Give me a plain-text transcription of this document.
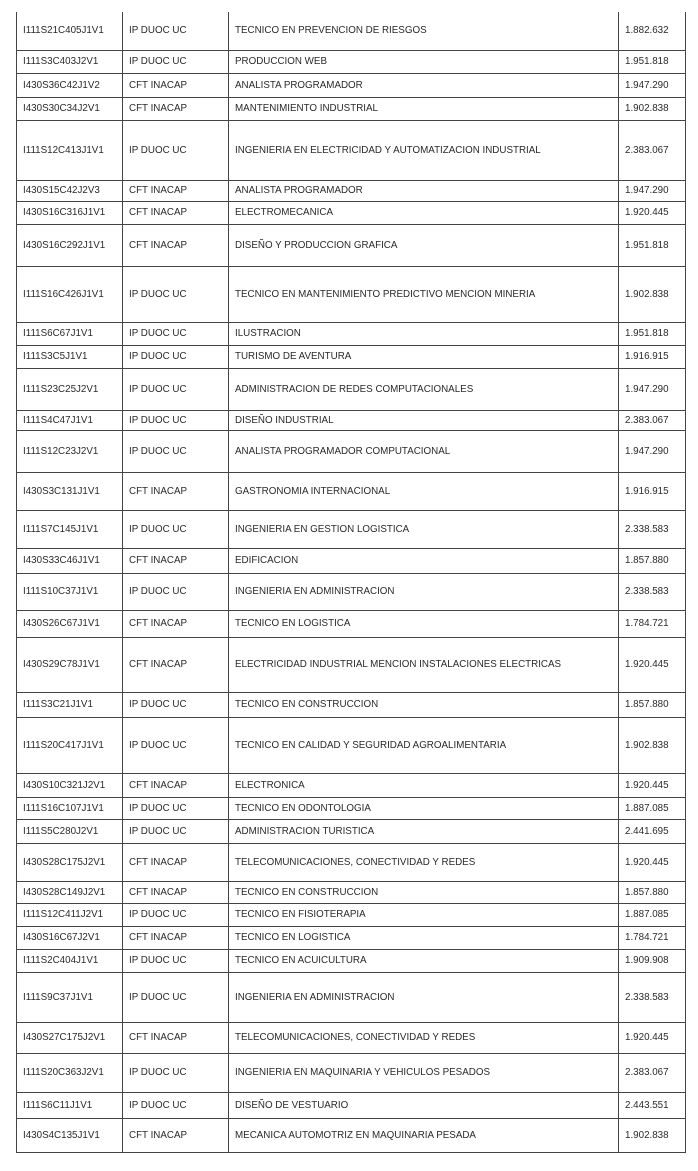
I111S21C405J1V1	IP DUOC UC	TECNICO EN PREVENCION DE RIESGOS	1.882.632
I111S3C403J2V1	IP DUOC UC	PRODUCCION WEB	1.951.818
I430S36C42J1V2	CFT INACAP	ANALISTA PROGRAMADOR	1.947.290
I430S30C34J2V1	CFT INACAP	MANTENIMIENTO INDUSTRIAL	1.902.838
I111S12C413J1V1	IP DUOC UC	INGENIERIA EN ELECTRICIDAD Y AUTOMATIZACION INDUSTRIAL	2.383.067
I430S15C42J2V3	CFT INACAP	ANALISTA PROGRAMADOR	1.947.290
I430S16C316J1V1	CFT INACAP	ELECTROMECANICA	1.920.445
I430S16C292J1V1	CFT INACAP	DISEÑO Y PRODUCCION GRAFICA	1.951.818
I111S16C426J1V1	IP DUOC UC	TECNICO EN MANTENIMIENTO PREDICTIVO MENCION MINERIA	1.902.838
I111S6C67J1V1	IP DUOC UC	ILUSTRACION	1.951.818
I111S3C5J1V1	IP DUOC UC	TURISMO DE AVENTURA	1.916.915
I111S23C25J2V1	IP DUOC UC	ADMINISTRACION DE REDES COMPUTACIONALES	1.947.290
I111S4C47J1V1	IP DUOC UC	DISEÑO INDUSTRIAL	2.383.067
I111S12C23J2V1	IP DUOC UC	ANALISTA PROGRAMADOR COMPUTACIONAL	1.947.290
I430S3C131J1V1	CFT INACAP	GASTRONOMIA INTERNACIONAL	1.916.915
I111S7C145J1V1	IP DUOC UC	INGENIERIA EN GESTION LOGISTICA	2.338.583
I430S33C46J1V1	CFT INACAP	EDIFICACION	1.857.880
I111S10C37J1V1	IP DUOC UC	INGENIERIA EN ADMINISTRACION	2.338.583
I430S26C67J1V1	CFT INACAP	TECNICO EN LOGISTICA	1.784.721
I430S29C78J1V1	CFT INACAP	ELECTRICIDAD INDUSTRIAL MENCION INSTALACIONES ELECTRICAS	1.920.445
I111S3C21J1V1	IP DUOC UC	TECNICO EN CONSTRUCCION	1.857.880
I111S20C417J1V1	IP DUOC UC	TECNICO EN CALIDAD Y SEGURIDAD AGROALIMENTARIA	1.902.838
I430S10C321J2V1	CFT INACAP	ELECTRONICA	1.920.445
I111S16C107J1V1	IP DUOC UC	TECNICO EN ODONTOLOGIA	1.887.085
I111S5C280J2V1	IP DUOC UC	ADMINISTRACION TURISTICA	2.441.695
I430S28C175J2V1	CFT INACAP	TELECOMUNICACIONES, CONECTIVIDAD Y REDES	1.920.445
I430S28C149J2V1	CFT INACAP	TECNICO EN CONSTRUCCION	1.857.880
I111S12C411J2V1	IP DUOC UC	TECNICO EN FISIOTERAPIA	1.887.085
I430S16C67J2V1	CFT INACAP	TECNICO EN LOGISTICA	1.784.721
I111S2C404J1V1	IP DUOC UC	TECNICO EN ACUICULTURA	1.909.908
I111S9C37J1V1	IP DUOC UC	INGENIERIA EN ADMINISTRACION	2.338.583
I430S27C175J2V1	CFT INACAP	TELECOMUNICACIONES, CONECTIVIDAD Y REDES	1.920.445
I111S20C363J2V1	IP DUOC UC	INGENIERIA EN MAQUINARIA Y VEHICULOS PESADOS	2.383.067
I111S6C11J1V1	IP DUOC UC	DISEÑO DE VESTUARIO	2.443.551
I430S4C135J1V1	CFT INACAP	MECANICA AUTOMOTRIZ EN MAQUINARIA PESADA	1.902.838
